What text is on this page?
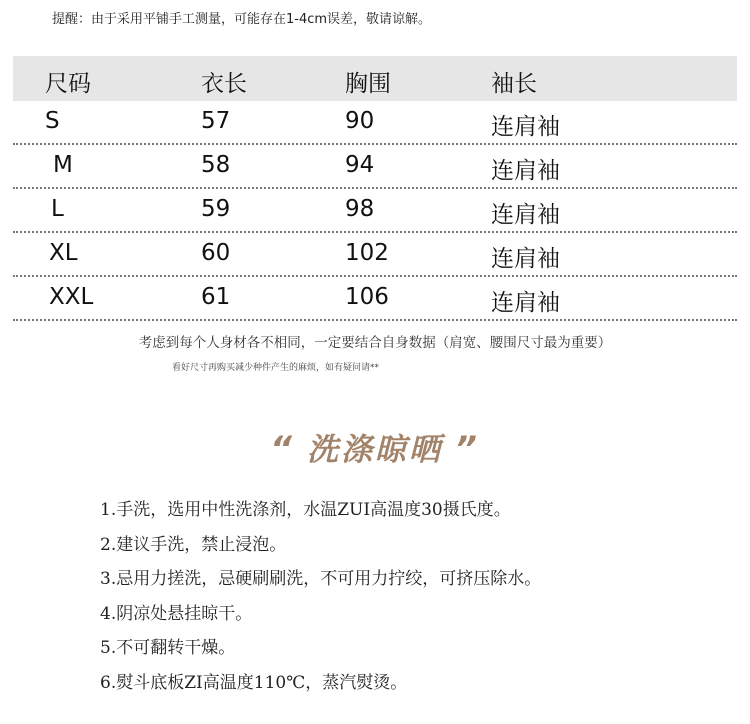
提醒：由于采用平铺手工测量，可能存在1-4cm误差，敬请谅解。
尺码	衣长	胸围	袖长
S	57	90	连肩袖
M	58	94	连肩袖
L	59	98	连肩袖
XL	60	102	连肩袖
XXL	61	106	连肩袖
考虑到每个人身材各不相同，一定要结合自身数据（肩宽、腰围尺寸最为重要）
看好尺寸再购买减少种件产生的麻烦，如有疑问请**
“ 洗涤晾晒 ”
1.手洗，选用中性洗涤剂，水温ZUI高温度30摄氏度。
2.建议手洗，禁止浸泡。
3.忌用力搓洗，忌硬刷刷洗，不可用力拧绞，可挤压除水。
4.阴凉处悬挂晾干。
5.不可翻转干燥。
6.熨斗底板ZI高温度110℃，蒸汽熨烫。
